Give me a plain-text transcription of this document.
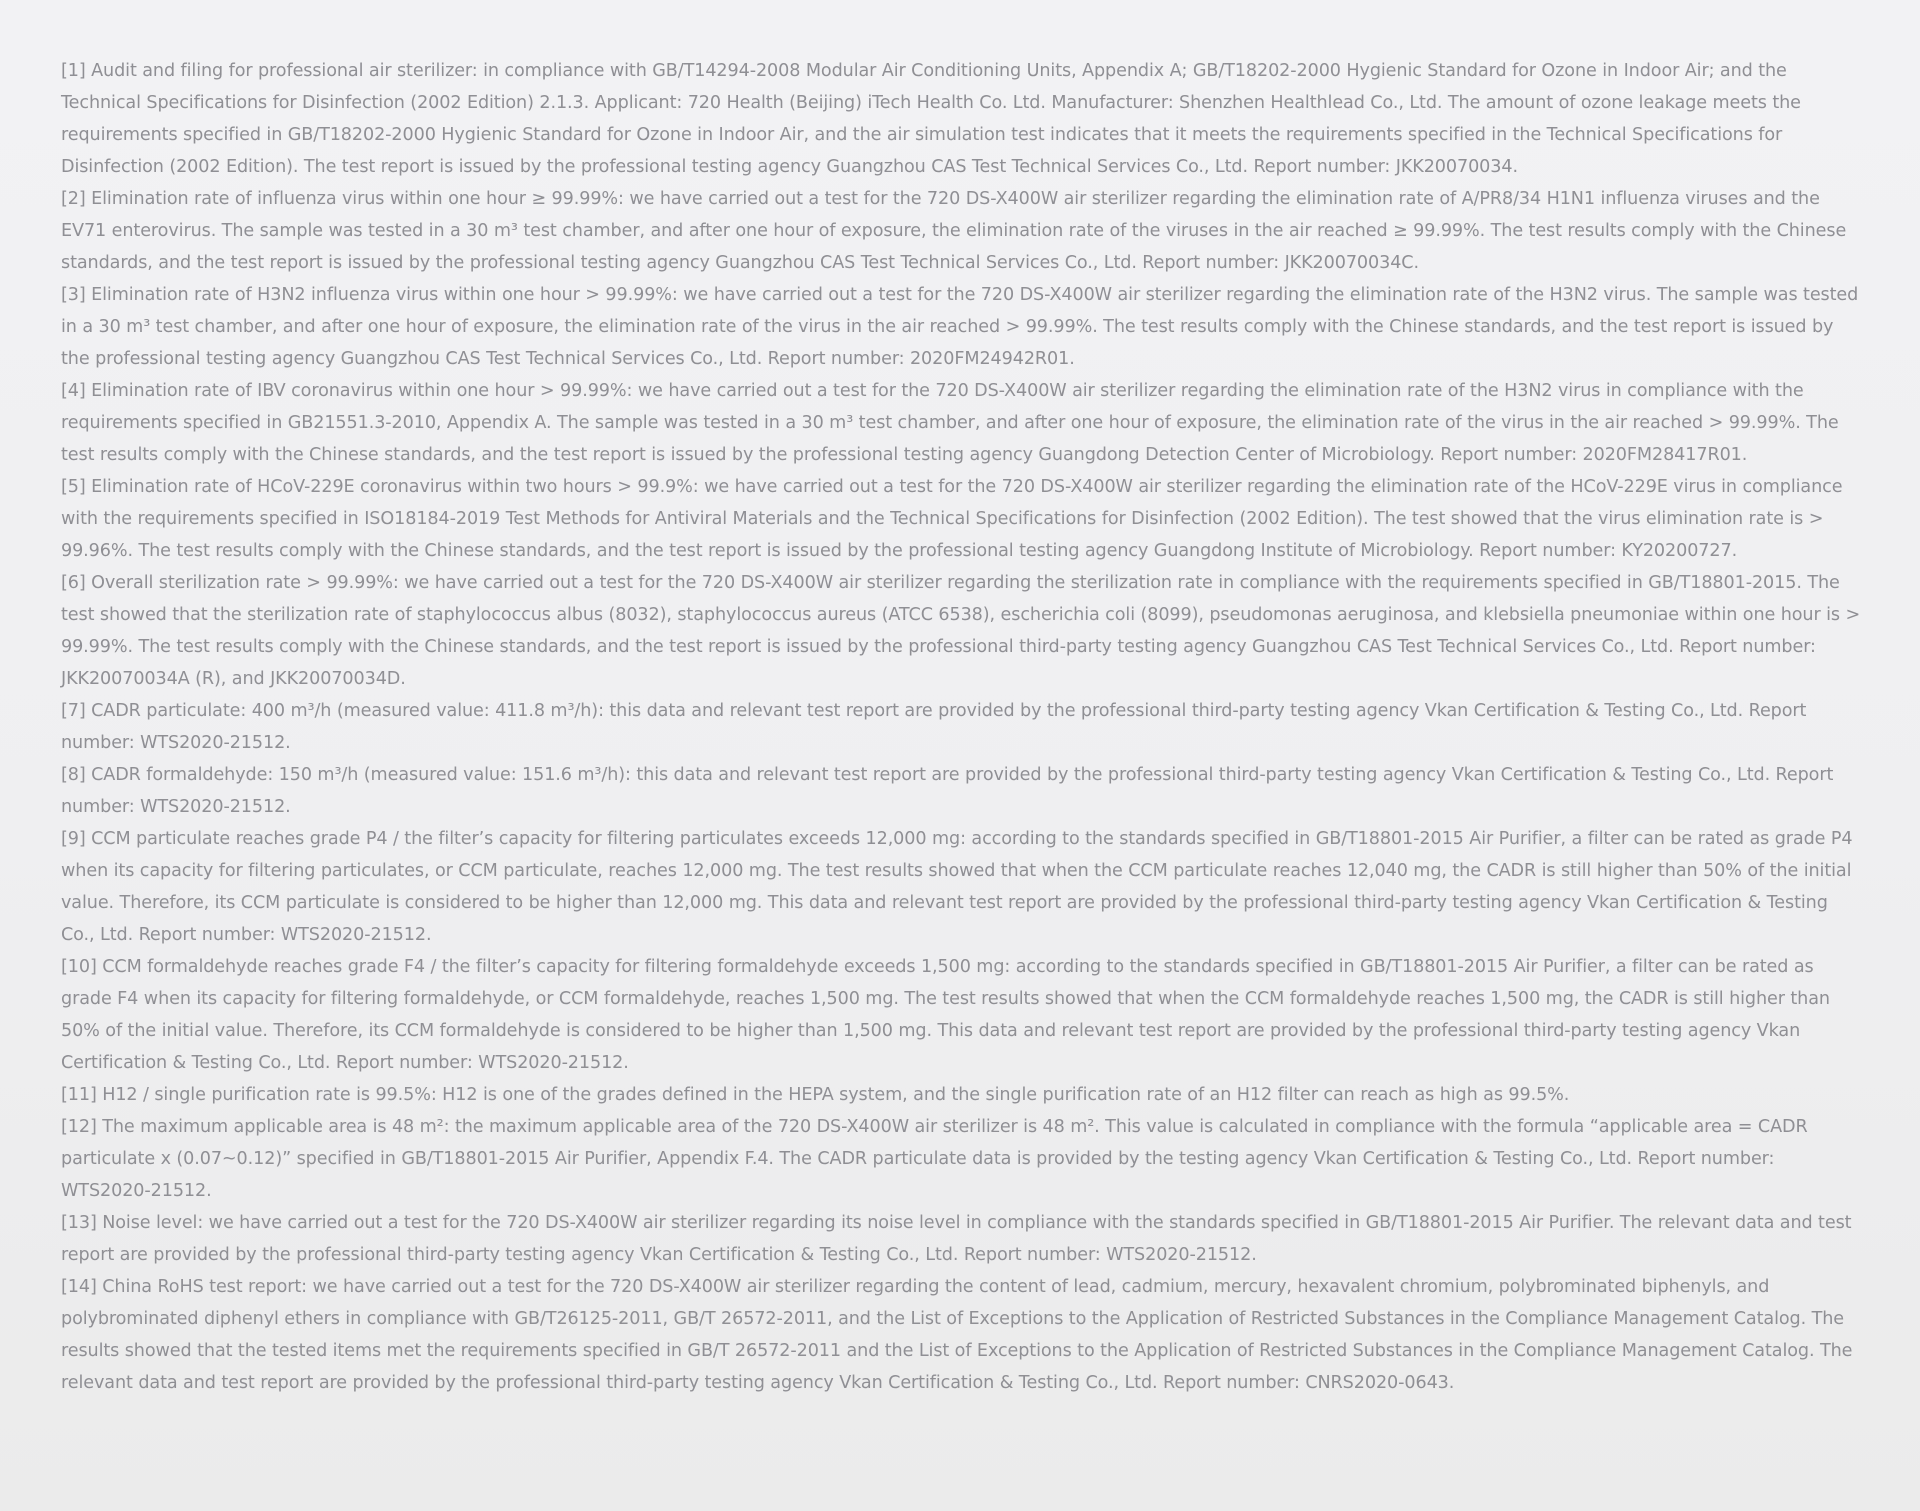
[1] Audit and filing for professional air sterilizer: in compliance with GB/T14294-2008 Modular Air Conditioning Units, Appendix A; GB/T18202-2000 Hygienic Standard for Ozone in Indoor Air; and the Technical Specifications for Disinfection (2002 Edition) 2.1.3. Applicant: 720 Health (Beijing) iTech Health Co. Ltd. Manufacturer: Shenzhen Healthlead Co., Ltd. The amount of ozone leakage meets the requirements specified in GB/T18202-2000 Hygienic Standard for Ozone in Indoor Air, and the air simulation test indicates that it meets the requirements specified in the Technical Specifications for Disinfection (2002 Edition). The test report is issued by the professional testing agency Guangzhou CAS Test Technical Services Co., Ltd. Report number: JKK20070034.
[2] Elimination rate of influenza virus within one hour ≥ 99.99%: we have carried out a test for the 720 DS-X400W air sterilizer regarding the elimination rate of A/PR8/34 H1N1 influenza viruses and the EV71 enterovirus. The sample was tested in a 30 m³ test chamber, and after one hour of exposure, the elimination rate of the viruses in the air reached ≥ 99.99%. The test results comply with the Chinese standards, and the test report is issued by the professional testing agency Guangzhou CAS Test Technical Services Co., Ltd. Report number: JKK20070034C.
[3] Elimination rate of H3N2 influenza virus within one hour > 99.99%: we have carried out a test for the 720 DS-X400W air sterilizer regarding the elimination rate of the H3N2 virus. The sample was tested in a 30 m³ test chamber, and after one hour of exposure, the elimination rate of the virus in the air reached > 99.99%. The test results comply with the Chinese standards, and the test report is issued by the professional testing agency Guangzhou CAS Test Technical Services Co., Ltd. Report number: 2020FM24942R01.
[4] Elimination rate of IBV coronavirus within one hour > 99.99%: we have carried out a test for the 720 DS-X400W air sterilizer regarding the elimination rate of the H3N2 virus in compliance with the requirements specified in GB21551.3-2010, Appendix A. The sample was tested in a 30 m³ test chamber, and after one hour of exposure, the elimination rate of the virus in the air reached > 99.99%. The test results comply with the Chinese standards, and the test report is issued by the professional testing agency Guangdong Detection Center of Microbiology. Report number: 2020FM28417R01.
[5] Elimination rate of HCoV-229E coronavirus within two hours > 99.9%: we have carried out a test for the 720 DS-X400W air sterilizer regarding the elimination rate of the HCoV-229E virus in compliance with the requirements specified in ISO18184-2019 Test Methods for Antiviral Materials and the Technical Specifications for Disinfection (2002 Edition). The test showed that the virus elimination rate is > 99.96%. The test results comply with the Chinese standards, and the test report is issued by the professional testing agency Guangdong Institute of Microbiology. Report number: KY20200727.
[6] Overall sterilization rate > 99.99%: we have carried out a test for the 720 DS-X400W air sterilizer regarding the sterilization rate in compliance with the requirements specified in GB/T18801-2015. The test showed that the sterilization rate of staphylococcus albus (8032), staphylococcus aureus (ATCC 6538), escherichia coli (8099), pseudomonas aeruginosa, and klebsiella pneumoniae within one hour is > 99.99%. The test results comply with the Chinese standards, and the test report is issued by the professional third-party testing agency Guangzhou CAS Test Technical Services Co., Ltd. Report number: JKK20070034A (R), and JKK20070034D.
[7] CADR particulate: 400 m³/h (measured value: 411.8 m³/h): this data and relevant test report are provided by the professional third-party testing agency Vkan Certification & Testing Co., Ltd. Report number: WTS2020-21512.
[8] CADR formaldehyde: 150 m³/h (measured value: 151.6 m³/h): this data and relevant test report are provided by the professional third-party testing agency Vkan Certification & Testing Co., Ltd. Report number: WTS2020-21512.
[9] CCM particulate reaches grade P4 / the filter’s capacity for filtering particulates exceeds 12,000 mg: according to the standards specified in GB/T18801-2015 Air Purifier, a filter can be rated as grade P4 when its capacity for filtering particulates, or CCM particulate, reaches 12,000 mg. The test results showed that when the CCM particulate reaches 12,040 mg, the CADR is still higher than 50% of the initial value. Therefore, its CCM particulate is considered to be higher than 12,000 mg. This data and relevant test report are provided by the professional third-party testing agency Vkan Certification & Testing Co., Ltd. Report number: WTS2020-21512.
[10] CCM formaldehyde reaches grade F4 / the filter’s capacity for filtering formaldehyde exceeds 1,500 mg: according to the standards specified in GB/T18801-2015 Air Purifier, a filter can be rated as grade F4 when its capacity for filtering formaldehyde, or CCM formaldehyde, reaches 1,500 mg. The test results showed that when the CCM formaldehyde reaches 1,500 mg, the CADR is still higher than 50% of the initial value. Therefore, its CCM formaldehyde is considered to be higher than 1,500 mg. This data and relevant test report are provided by the professional third-party testing agency Vkan Certification & Testing Co., Ltd. Report number: WTS2020-21512.
[11] H12 / single purification rate is 99.5%: H12 is one of the grades defined in the HEPA system, and the single purification rate of an H12 filter can reach as high as 99.5%.
[12] The maximum applicable area is 48 m²: the maximum applicable area of the 720 DS-X400W air sterilizer is 48 m². This value is calculated in compliance with the formula “applicable area = CADR particulate x (0.07~0.12)” specified in GB/T18801-2015 Air Purifier, Appendix F.4. The CADR particulate data is provided by the testing agency Vkan Certification & Testing Co., Ltd. Report number: WTS2020-21512.
[13] Noise level: we have carried out a test for the 720 DS-X400W air sterilizer regarding its noise level in compliance with the standards specified in GB/T18801-2015 Air Purifier. The relevant data and test report are provided by the professional third-party testing agency Vkan Certification & Testing Co., Ltd. Report number: WTS2020-21512.
[14] China RoHS test report: we have carried out a test for the 720 DS-X400W air sterilizer regarding the content of lead, cadmium, mercury, hexavalent chromium, polybrominated biphenyls, and polybrominated diphenyl ethers in compliance with GB/T26125-2011, GB/T 26572-2011, and the List of Exceptions to the Application of Restricted Substances in the Compliance Management Catalog. The results showed that the tested items met the requirements specified in GB/T 26572-2011 and the List of Exceptions to the Application of Restricted Substances in the Compliance Management Catalog. The relevant data and test report are provided by the professional third-party testing agency Vkan Certification & Testing Co., Ltd. Report number: CNRS2020-0643.
